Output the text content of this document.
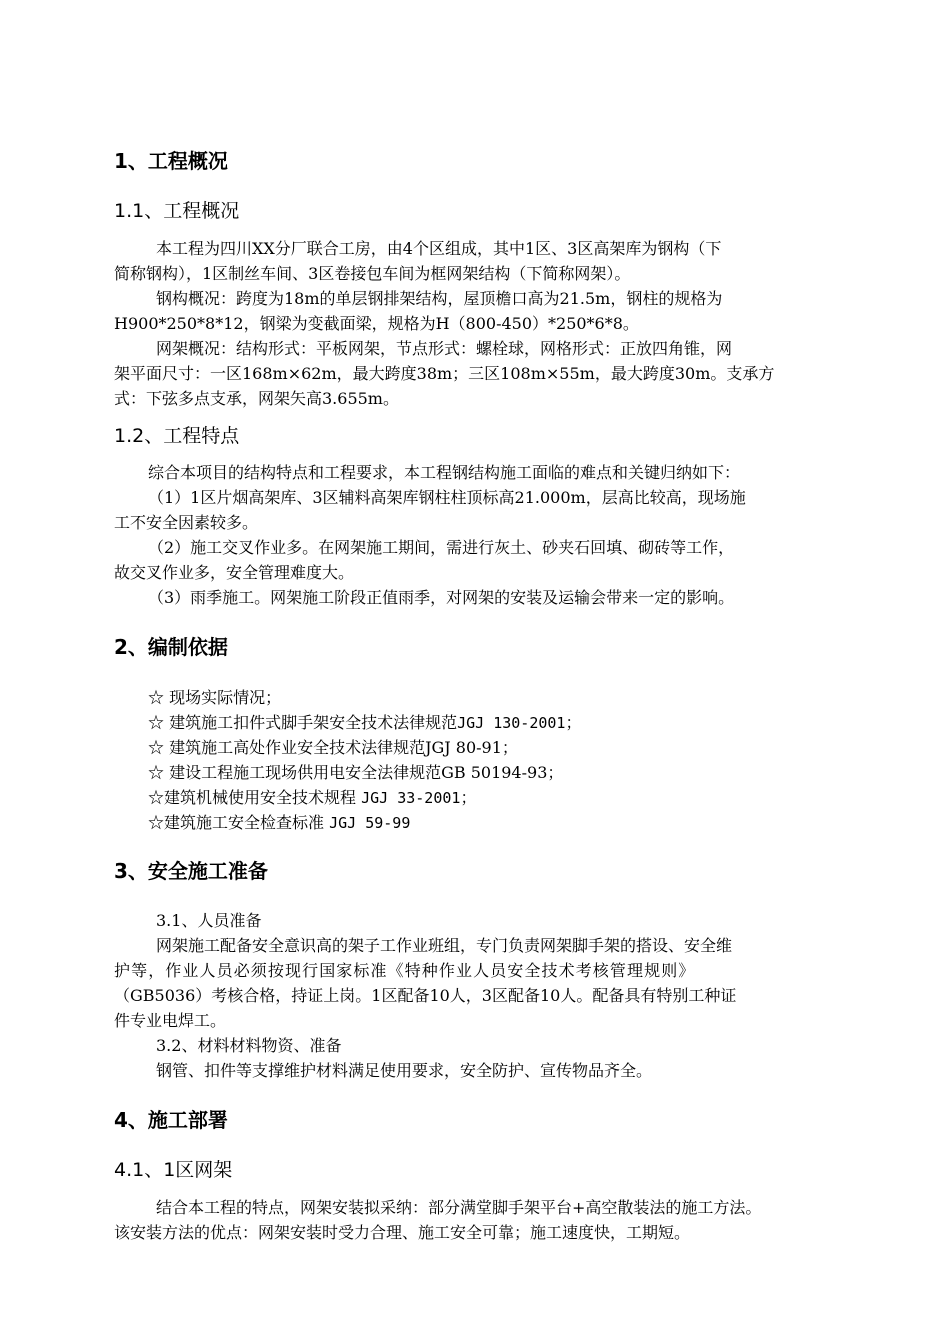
1、工程概况
1.1、工程概况
本工程为四川XX分厂联合工房，由4个区组成，其中1区、3区高架库为钢构（下
简称钢构），1区制丝车间、3区卷接包车间为框网架结构（下简称网架）。
钢构概况：跨度为18m的单层钢排架结构，屋顶檐口高为21.5m，钢柱的规格为
H900*250*8*12，钢梁为变截面梁，规格为H（800-450）*250*6*8。
网架概况：结构形式：平板网架，节点形式：螺栓球，网格形式：正放四角锥，网
架平面尺寸：一区168m×62m，最大跨度38m；三区108m×55m，最大跨度30m。支承方
式：下弦多点支承，网架矢高3.655m。
1.2、工程特点
综合本项目的结构特点和工程要求，本工程钢结构施工面临的难点和关键归纳如下：
（1）1区片烟高架库、3区辅料高架库钢柱柱顶标高21.000m，层高比较高，现场施
工不安全因素较多。
（2）施工交叉作业多。在网架施工期间，需进行灰土、砂夹石回填、砌砖等工作，
故交叉作业多，安全管理难度大。
（3）雨季施工。网架施工阶段正值雨季，对网架的安装及运输会带来一定的影响。
2、编制依据
☆ 现场实际情况；
☆ 建筑施工扣件式脚手架安全技术法律规范JGJ 130-2001；
☆ 建筑施工高处作业安全技术法律规范JGJ 80-91；
☆ 建设工程施工现场供用电安全法律规范GB 50194-93；
☆建筑机械使用安全技术规程 JGJ 33-2001；
☆建筑施工安全检查标准 JGJ 59-99
3、安全施工准备
3.1、人员准备
网架施工配备安全意识高的架子工作业班组，专门负责网架脚手架的搭设、安全维
护等，作业人员必须按现行国家标准《特种作业人员安全技术考核管理规则》
（GB5036）考核合格，持证上岗。1区配备10人，3区配备10人。配备具有特别工种证
件专业电焊工。
3.2、材料材料物资、准备
钢管、扣件等支撑维护材料满足使用要求，安全防护、宣传物品齐全。
4、施工部署
4.1、1区网架
结合本工程的特点，网架安装拟采纳：部分满堂脚手架平台+高空散装法的施工方法。
该安装方法的优点：网架安装时受力合理、施工安全可靠；施工速度快，工期短。
